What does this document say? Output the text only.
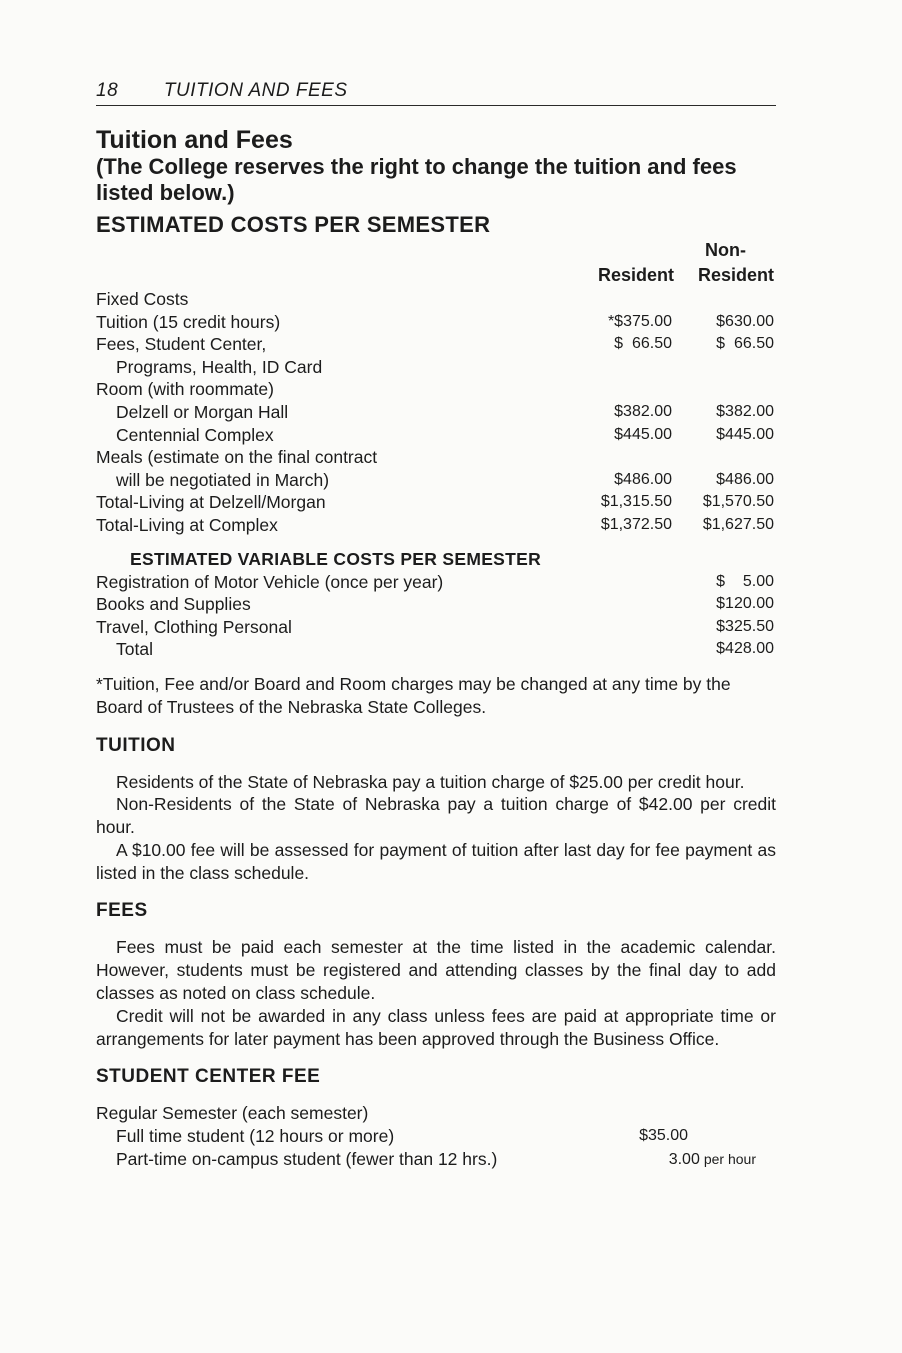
18 TUITION AND FEES
Tuition and Fees

(The College reserves the right to change the tuition and fees listed below.)

ESTIMATED COSTS PER SEMESTER
Non-
Resident Resident
Fixed Costs
Tuition (15 credit hours)	*$375.00	$630.00
Fees, Student Center,	$  66.50	$  66.50
Programs, Health, ID Card
Room (with roommate)
Delzell or Morgan Hall	$382.00	$382.00
Centennial Complex	$445.00	$445.00
Meals (estimate on the final contract
will be negotiated in March)	$486.00	$486.00
Total-Living at Delzell/Morgan	$1,315.50 $1,570.50
Total-Living at Complex	$1,372.50 $1,627.50
ESTIMATED VARIABLE COSTS PER SEMESTER
Registration of Motor Vehicle (once per year)	$    5.00
Books and Supplies	$120.00
Travel, Clothing Personal	$325.50
Total	$428.00
*Tuition, Fee and/or Board and Room charges may be changed at any time by the Board of Trustees of the Nebraska State Colleges.
TUITION

Residents of the State of Nebraska pay a tuition charge of $25.00 per credit hour.

Non-Residents of the State of Nebraska pay a tuition charge of $42.00 per credit hour.

A $10.00 fee will be assessed for payment of tuition after last day for fee payment as listed in the class schedule.

FEES

Fees must be paid each semester at the time listed in the academic calendar. However, students must be registered and attending classes by the final day to add classes as noted on class schedule.

Credit will not be awarded in any class unless fees are paid at appropriate time or arrangements for later payment has been approved through the Business Office.

STUDENT CENTER FEE
Regular Semester (each semester)
Full time student (12 hours or more)	$35.00
Part-time on-campus student (fewer than 12 hrs.)	3.00 per hour
